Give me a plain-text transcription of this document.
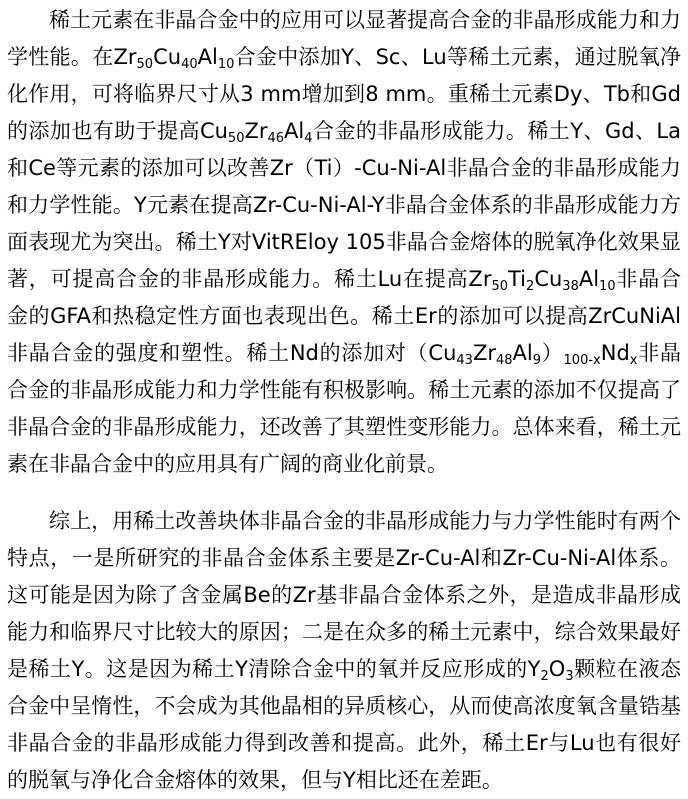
稀土元素在非晶合金中的应用可以显著提高合金的非晶形成能力和力学性能。在$Zr_{50}Cu_{40}Al_{10}$合金中添加Y、Sc、Lu等稀土元素，通过脱氧净化作用，可将临界尺寸从3 mm增加到8 mm。重稀土元素Dy、Tb和Gd的添加也有助于提高$Cu_{50}Zr_{46}Al_4$合金的非晶形成能力。稀土Y、Gd、La和Ce等元素的添加可以改善Zr（Ti）-Cu-Ni-Al非晶合金的非晶形成能力和力学性能。Y元素在提高Zr-Cu-Ni-Al-Y非晶合金体系的非晶形成能力方面表现尤为突出。稀土Y对VitREloy 105非晶合金熔体的脱氧净化效果显著，可提高合金的非晶形成能力。稀土Lu在提高$Zr_{50}Ti_2Cu_{38}Al_{10}$非晶合金的GFA和热稳定性方面也表现出色。稀土Er的添加可以提高ZrCuNiAl非晶合金的强度和塑性。稀土Nd的添加对$(Cu_{43}Zr_{48}Al_9)_{100-x}Nd_x$非晶合金的非晶形成能力和力学性能有积极影响。稀土元素的添加不仅提高了非晶合金的非晶形成能力，还改善了其塑性变形能力。总体来看，稀土元素在非晶合金中的应用具有广阔的商业化前景。

综上，用稀土改善块体非晶合金的非晶形成能力与力学性能时有两个特点，一是所研究的非晶合金体系主要是Zr-Cu-Al和Zr-Cu-Ni-Al体系。这可能是因为除了含金属Be的Zr基非晶合金体系之外，是造成非晶形成能力和临界尺寸比较大的原因；二是在众多的稀土元素中，综合效果最好是稀土Y。这是因为稀土Y清除合金中的氧并反应形成的$Y_2O_3$颗粒在液态合金中呈惰性，不会成为其他晶相的异质核心，从而使高浓度氧含量锆基非晶合金的非晶形成能力得到改善和提高。此外，稀土Er与Lu也有很好的脱氧与净化合金熔体的效果，但与Y相比还在差距。
